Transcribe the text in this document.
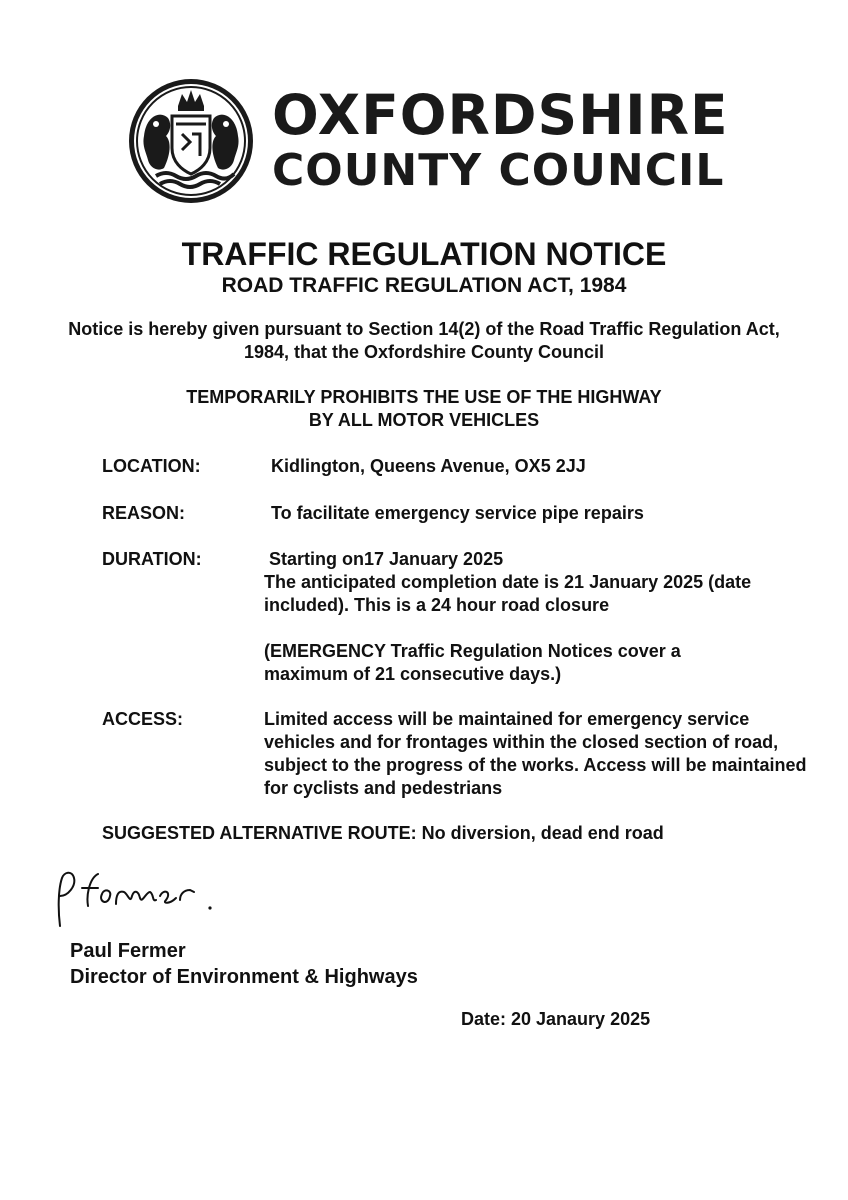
OXFORDSHIRE
COUNTY COUNCIL
TRAFFIC REGULATION NOTICE
ROAD TRAFFIC REGULATION ACT, 1984

Notice is hereby given pursuant to Section 14(2) of the Road Traffic Regulation Act, 1984, that the Oxfordshire County Council

TEMPORARILY PROHIBITS THE USE OF THE HIGHWAY
BY ALL MOTOR VEHICLES
LOCATION:	Kidlington, Queens Avenue, OX5 2JJ
REASON:	To facilitate emergency service pipe repairs
DURATION:	Starting on17 January 2025

The anticipated completion date is 21 January 2025 (date included). This is a 24 hour road closure

(EMERGENCY Traffic Regulation Notices cover a maximum of 21 consecutive days.)

ACCESS:	Limited access will be maintained for emergency service vehicles and for frontages within the closed section of road, subject to the progress of the works. Access will be maintained for cyclists and pedestrians
SUGGESTED ALTERNATIVE ROUTE: No diversion, dead end road
Paul Fermer
Director of Environment & Highways
Date: 20 Janaury 2025
